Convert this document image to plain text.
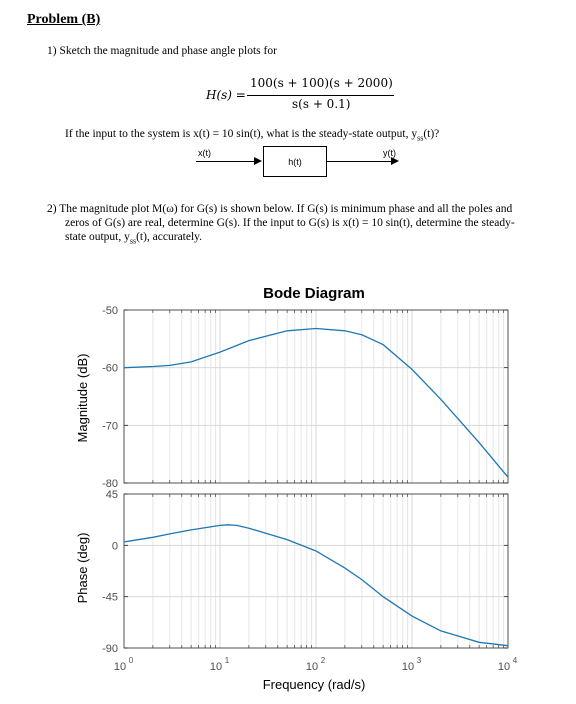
Problem (B)
1) Sketch the magnitude and phase angle plots for
H(s) =
100(s + 100)(s + 2000)
s(s + 0.1)
If the input to the system is x(t) = 10 sin(t), what is the steady-state output, $y_{ss}(t)$?
x(t)
h(t)
y(t)
2) The magnitude plot M(ω) for G(s) is shown below. If G(s) is minimum phase and all the poles and
zeros of G(s) are real, determine G(s). If the input to G(s) is x(t) = 10 sin(t), determine the steady-
state output, $y_{ss}(t)$, accurately.
Bode Diagram
-50
-60
-70
-80
45
0
-45
-90
10
0
10
1
10
2
10
3
10
4
Magnitude (dB)
Phase (deg)
Frequency (rad/s)
